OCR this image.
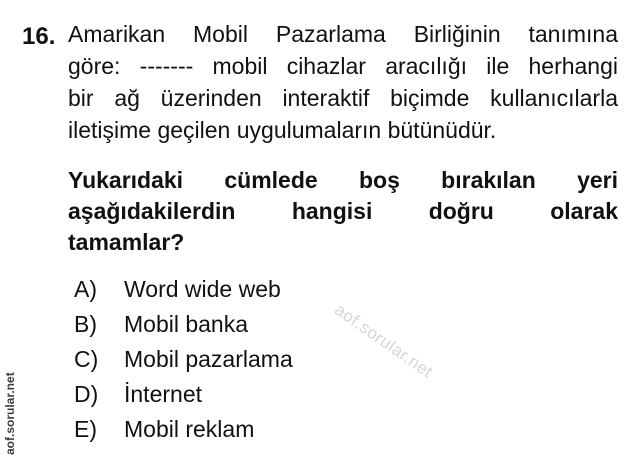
16. Amarikan Mobil Pazarlama Birliğinin tanımına
göre: ------- mobil cihazlar aracılığı ile herhangi
bir ağ üzerinden interaktif biçimde kullanıcılarla
iletişime geçilen uygulumaların bütünüdür.
Yukarıdaki cümlede boş bırakılan yeri
aşağıdakilerdin hangisi doğru olarak
tamamlar?
A)	Word wide web
B)	Mobil banka
C)	Mobil pazarlama
D)	İnternet
E)	Mobil reklam
aof.sorular.net
aof.sorular.net
